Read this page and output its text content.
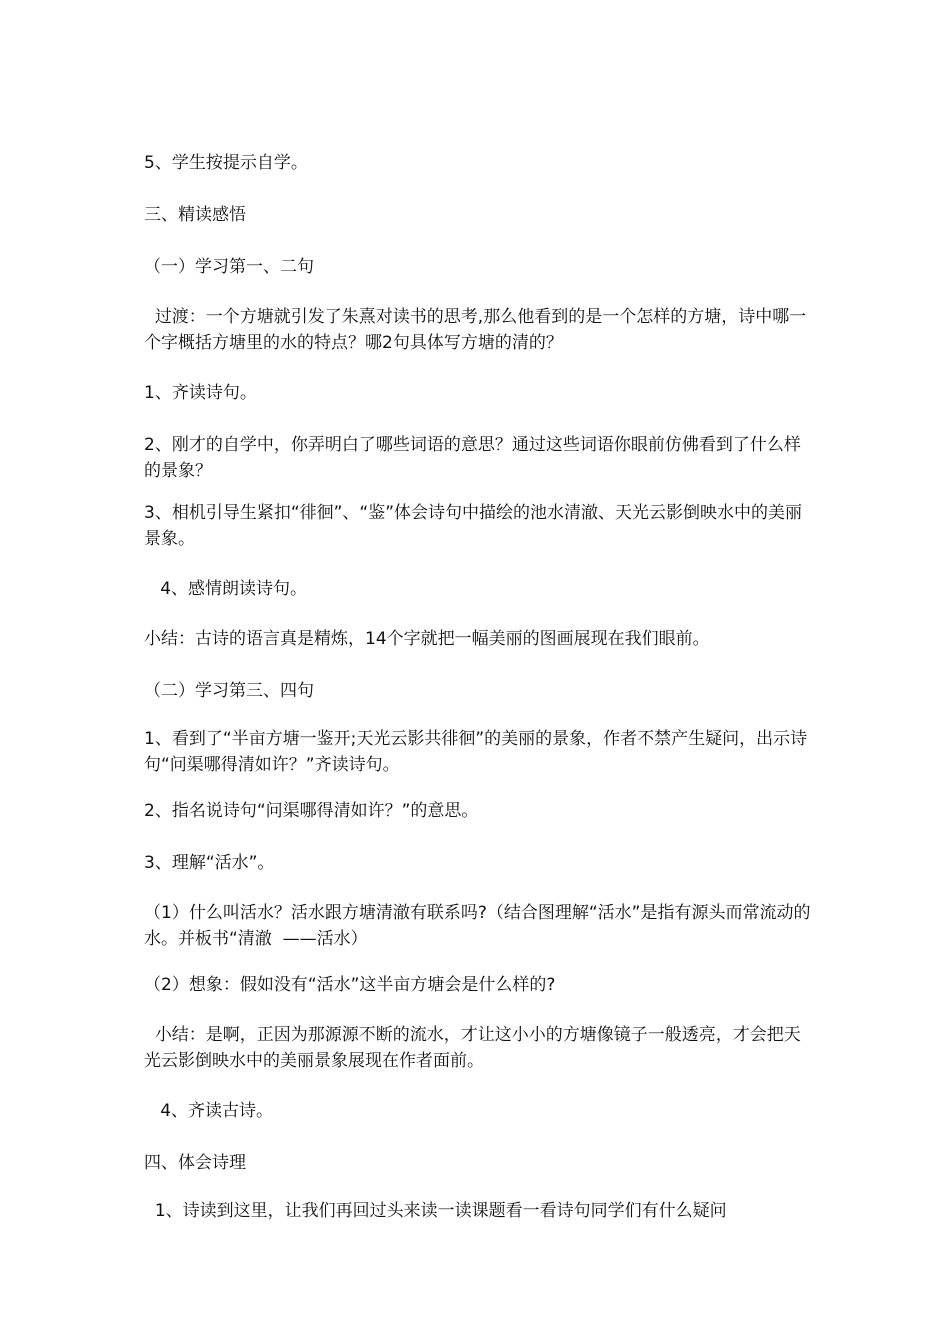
5、学生按提示自学。

三、精读感悟

（一）学习第一、二句

过渡：一个方塘就引发了朱熹对读书的思考,那么他看到的是一个怎样的方塘，诗中哪一个字概括方塘里的水的特点？哪2句具体写方塘的清的？

1、齐读诗句。

2、刚才的自学中，你弄明白了哪些词语的意思？通过这些词语你眼前仿佛看到了什么样的景象？

3、相机引导生紧扣“徘徊”、“鉴”体会诗句中描绘的池水清澈、天光云影倒映水中的美丽景象。

4、感情朗读诗句。

小结：古诗的语言真是精炼，14个字就把一幅美丽的图画展现在我们眼前。

（二）学习第三、四句

1、看到了“半亩方塘一鉴开;天光云影共徘徊”的美丽的景象，作者不禁产生疑问，出示诗句“问渠哪得清如许？”齐读诗句。

2、指名说诗句“问渠哪得清如许？”的意思。

3、理解“活水”。

（1）什么叫活水？活水跟方塘清澈有联系吗?（结合图理解“活水”是指有源头而常流动的水。并板书“清澈  ——活水）

（2）想象：假如没有“活水”这半亩方塘会是什么样的?

小结：是啊，正因为那源源不断的流水，才让这小小的方塘像镜子一般透亮，才会把天光云影倒映水中的美丽景象展现在作者面前。

4、齐读古诗。

四、体会诗理

1、诗读到这里，让我们再回过头来读一读课题看一看诗句同学们有什么疑问
